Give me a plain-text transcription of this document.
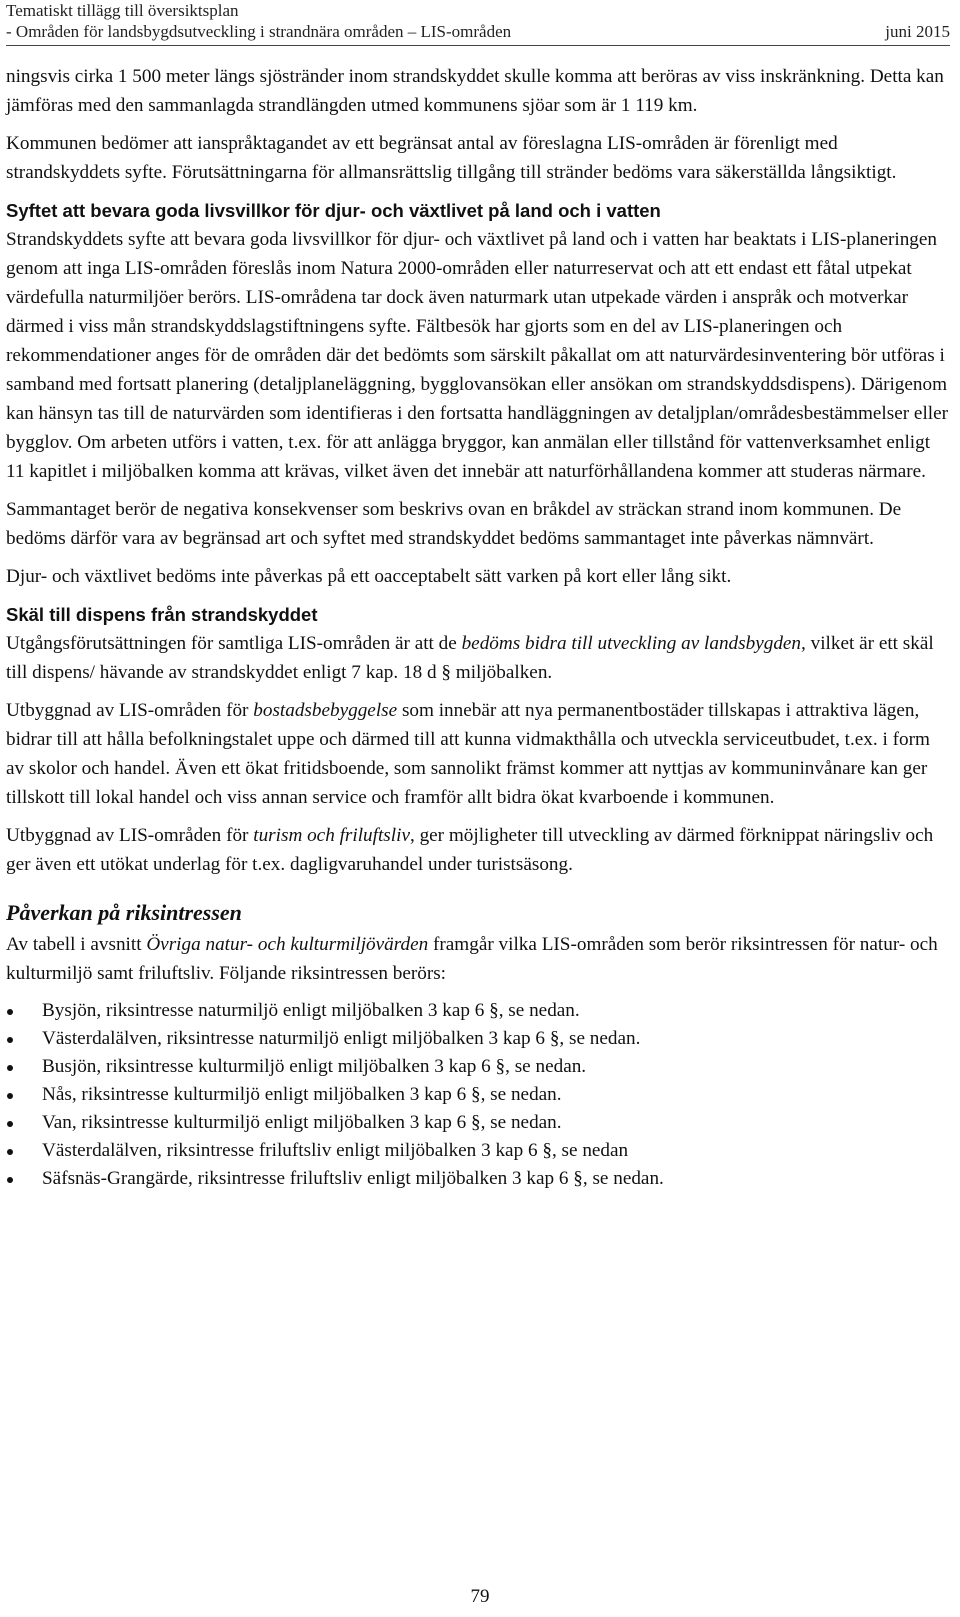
Tematiskt tillägg till översiktsplan
- Områden för landsbygdsutveckling i strandnära områden – LIS-områden	juni 2015

ningsvis cirka 1 500 meter längs sjöstränder inom strandskyddet skulle komma att beröras av viss inskränkning. Detta kan jämföras med den sammanlagda strandlängden utmed kommunens sjöar som är 1 119 km.

Kommunen bedömer att ianspråktagandet av ett begränsat antal av föreslagna LIS-områden är förenligt med strandskyddets syfte. Förutsättningarna för allmansrättslig tillgång till stränder bedöms vara säkerställda långsiktigt.

Syftet att bevara goda livsvillkor för djur- och växtlivet på land och i vatten

Strandskyddets syfte att bevara goda livsvillkor för djur- och växtlivet på land och i vatten har beaktats i LIS-planeringen genom att inga LIS-områden föreslås inom Natura 2000-områden eller naturreservat och att ett endast ett fåtal utpekat värdefulla naturmiljöer berörs. LIS-områdena tar dock även naturmark utan utpekade värden i anspråk och motverkar därmed i viss mån strandskyddslagstiftningens syfte. Fältbesök har gjorts som en del av LIS-planeringen och rekommendationer anges för de områden där det bedömts som särskilt påkallat om att naturvärdesinventering bör utföras i samband med fortsatt planering (detaljplaneläggning, bygglovansökan eller ansökan om strandskyddsdispens). Därigenom kan hänsyn tas till de naturvärden som identifieras i den fortsatta handläggningen av detaljplan/områdesbestämmelser eller bygglov. Om arbeten utförs i vatten, t.ex. för att anlägga bryggor, kan anmälan eller tillstånd för vattenverksamhet enligt 11 kapitlet i miljöbalken komma att krävas, vilket även det innebär att naturförhållandena kommer att studeras närmare.

Sammantaget berör de negativa konsekvenser som beskrivs ovan en bråkdel av sträckan strand inom kommunen. De bedöms därför vara av begränsad art och syftet med strandskyddet bedöms sammantaget inte påverkas nämnvärt.

Djur- och växtlivet bedöms inte påverkas på ett oacceptabelt sätt varken på kort eller lång sikt.

Skäl till dispens från strandskyddet

Utgångsförutsättningen för samtliga LIS-områden är att de bedöms bidra till utveckling av landsbygden, vilket är ett skäl till dispens/ hävande av strandskyddet enligt 7 kap. 18 d § miljöbalken.

Utbyggnad av LIS-områden för bostadsbebyggelse som innebär att nya permanentbostäder tillskapas i attraktiva lägen, bidrar till att hålla befolkningstalet uppe och därmed till att kunna vidmakthålla och utveckla serviceutbudet, t.ex. i form av skolor och handel. Även ett ökat fritidsboende, som sannolikt främst kommer att nyttjas av kommuninvånare kan ger tillskott till lokal handel och viss annan service och framför allt bidra ökat kvarboende i kommunen.

Utbyggnad av LIS-områden för turism och friluftsliv, ger möjligheter till utveckling av därmed förknippat näringsliv och ger även ett utökat underlag för t.ex. dagligvaruhandel under turistsäsong.

Påverkan på riksintressen

Av tabell i avsnitt Övriga natur- och kulturmiljövärden framgår vilka LIS-områden som berör riksintressen för natur- och kulturmiljö samt friluftsliv. Följande riksintressen berörs:

Bysjön, riksintresse naturmiljö enligt miljöbalken 3 kap 6 §, se nedan.
Västerdalälven, riksintresse naturmiljö enligt miljöbalken 3 kap 6 §, se nedan.
Busjön, riksintresse kulturmiljö enligt miljöbalken 3 kap 6 §, se nedan.
Nås, riksintresse kulturmiljö enligt miljöbalken 3 kap 6 §, se nedan.
Van, riksintresse kulturmiljö enligt miljöbalken 3 kap 6 §, se nedan.
Västerdalälven, riksintresse friluftsliv enligt miljöbalken 3 kap 6 §, se nedan
Säfsnäs-Grangärde, riksintresse friluftsliv enligt miljöbalken 3 kap 6 §, se nedan.
79
